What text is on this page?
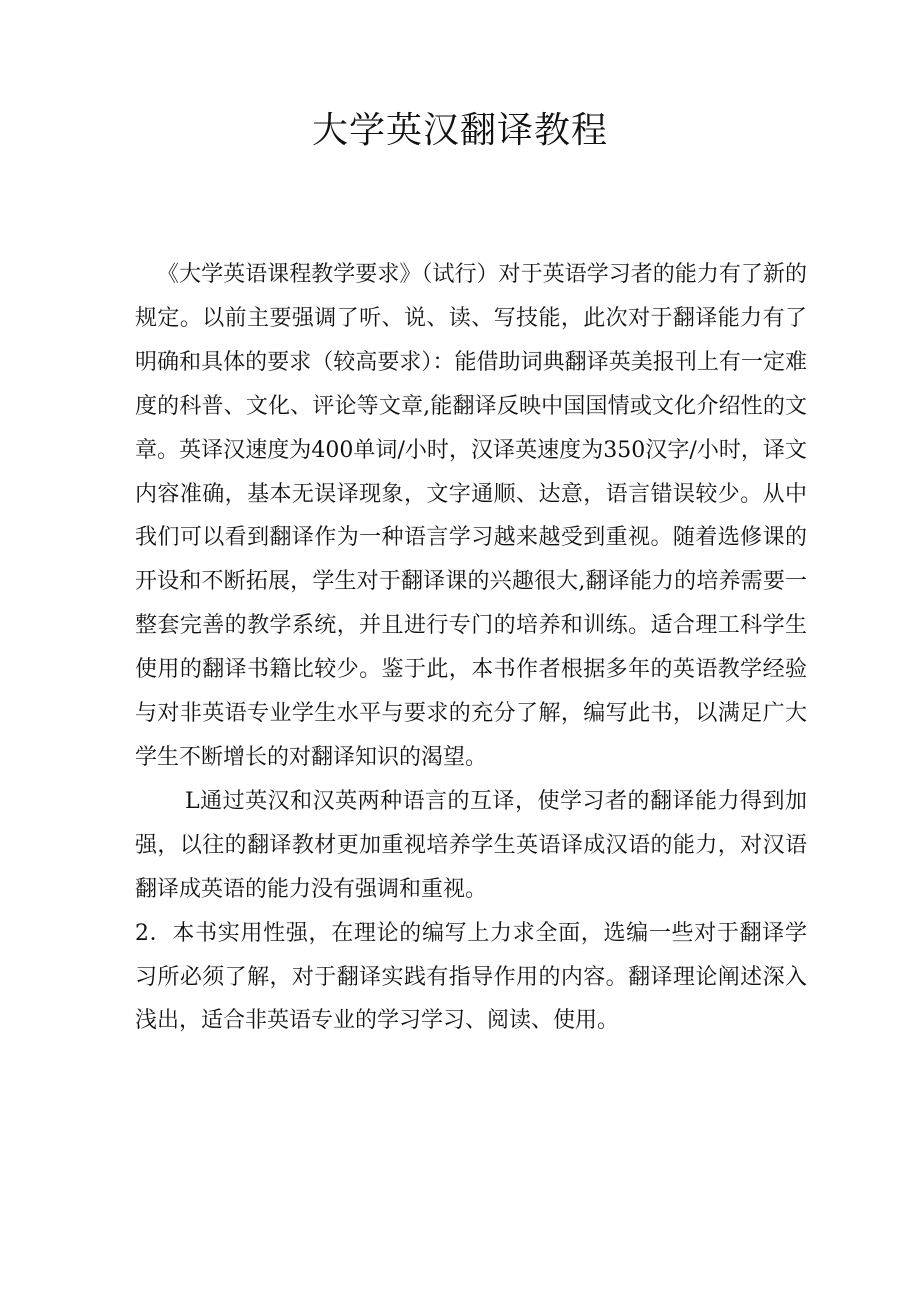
大学英汉翻译教程

《大学英语课程教学要求》（试行）对于英语学习者的能力有了新的规定。以前主要强调了听、说、读、写技能，此次对于翻译能力有了明确和具体的要求（较高要求）：能借助词典翻译英美报刊上有一定难度的科普、文化、评论等文章,能翻译反映中国国情或文化介绍性的文章。英译汉速度为400单词/小时，汉译英速度为350汉字/小时，译文内容准确，基本无误译现象，文字通顺、达意，语言错误较少。从中我们可以看到翻译作为一种语言学习越来越受到重视。随着选修课的开设和不断拓展，学生对于翻译课的兴趣很大,翻译能力的培养需要一整套完善的教学系统，并且进行专门的培养和训练。适合理工科学生使用的翻译书籍比较少。鉴于此，本书作者根据多年的英语教学经验与对非英语专业学生水平与要求的充分了解，编写此书，以满足广大学生不断增长的对翻译知识的渴望。

L通过英汉和汉英两种语言的互译，使学习者的翻译能力得到加强，以往的翻译教材更加重视培养学生英语译成汉语的能力，对汉语翻译成英语的能力没有强调和重视。

2．本书实用性强，在理论的编写上力求全面，选编一些对于翻译学习所必须了解，对于翻译实践有指导作用的内容。翻译理论阐述深入浅出，适合非英语专业的学习学习、阅读、使用。
